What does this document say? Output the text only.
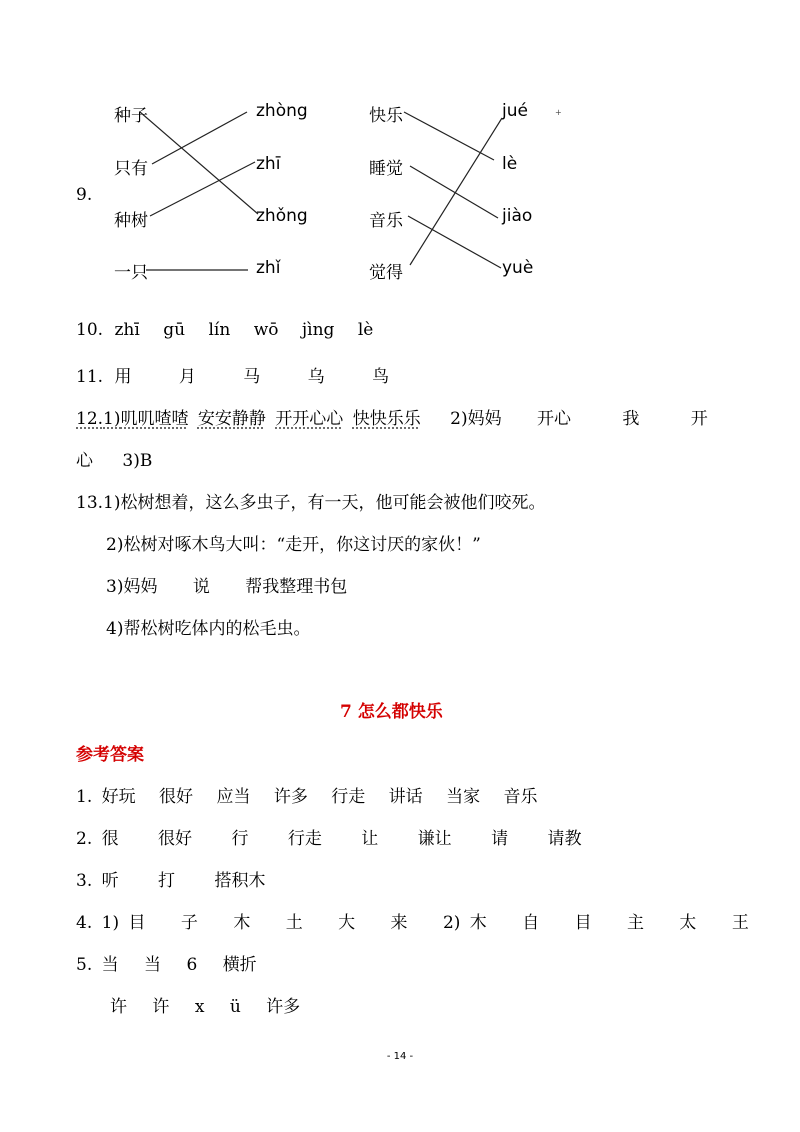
9.
种子
只有
种树
一只
zhòng
zhī
zhǒng
zhǐ
快乐
睡觉
音乐
觉得
jué
lè
jiào
yuè
+
10. zhī gū lín wō jìng lè
11. 用	月	马	乌	鸟
12.1)叽叽喳喳 安安静静 开开心心 快快乐乐 2)妈妈 开心	我	开
心 3)B
13.1)松树想着，这么多虫子，有一天，他可能会被他们咬死。
2)松树对啄木鸟大叫：“走开，你这讨厌的家伙！”
3)妈妈 说 帮我整理书包
4)帮松树吃体内的松毛虫。
7 怎么都快乐
参考答案
1. 好玩 很好 应当 许多 行走 讲话 当家 音乐
2. 很 很好 行 行走 让 谦让 请 请教
3. 听 打 搭积木
4. 1) 目 子 木 土 大 来 2) 木 自 目 主 太 王
5. 当 当 6 横折
许 许 x ü 许多
- 14 -
